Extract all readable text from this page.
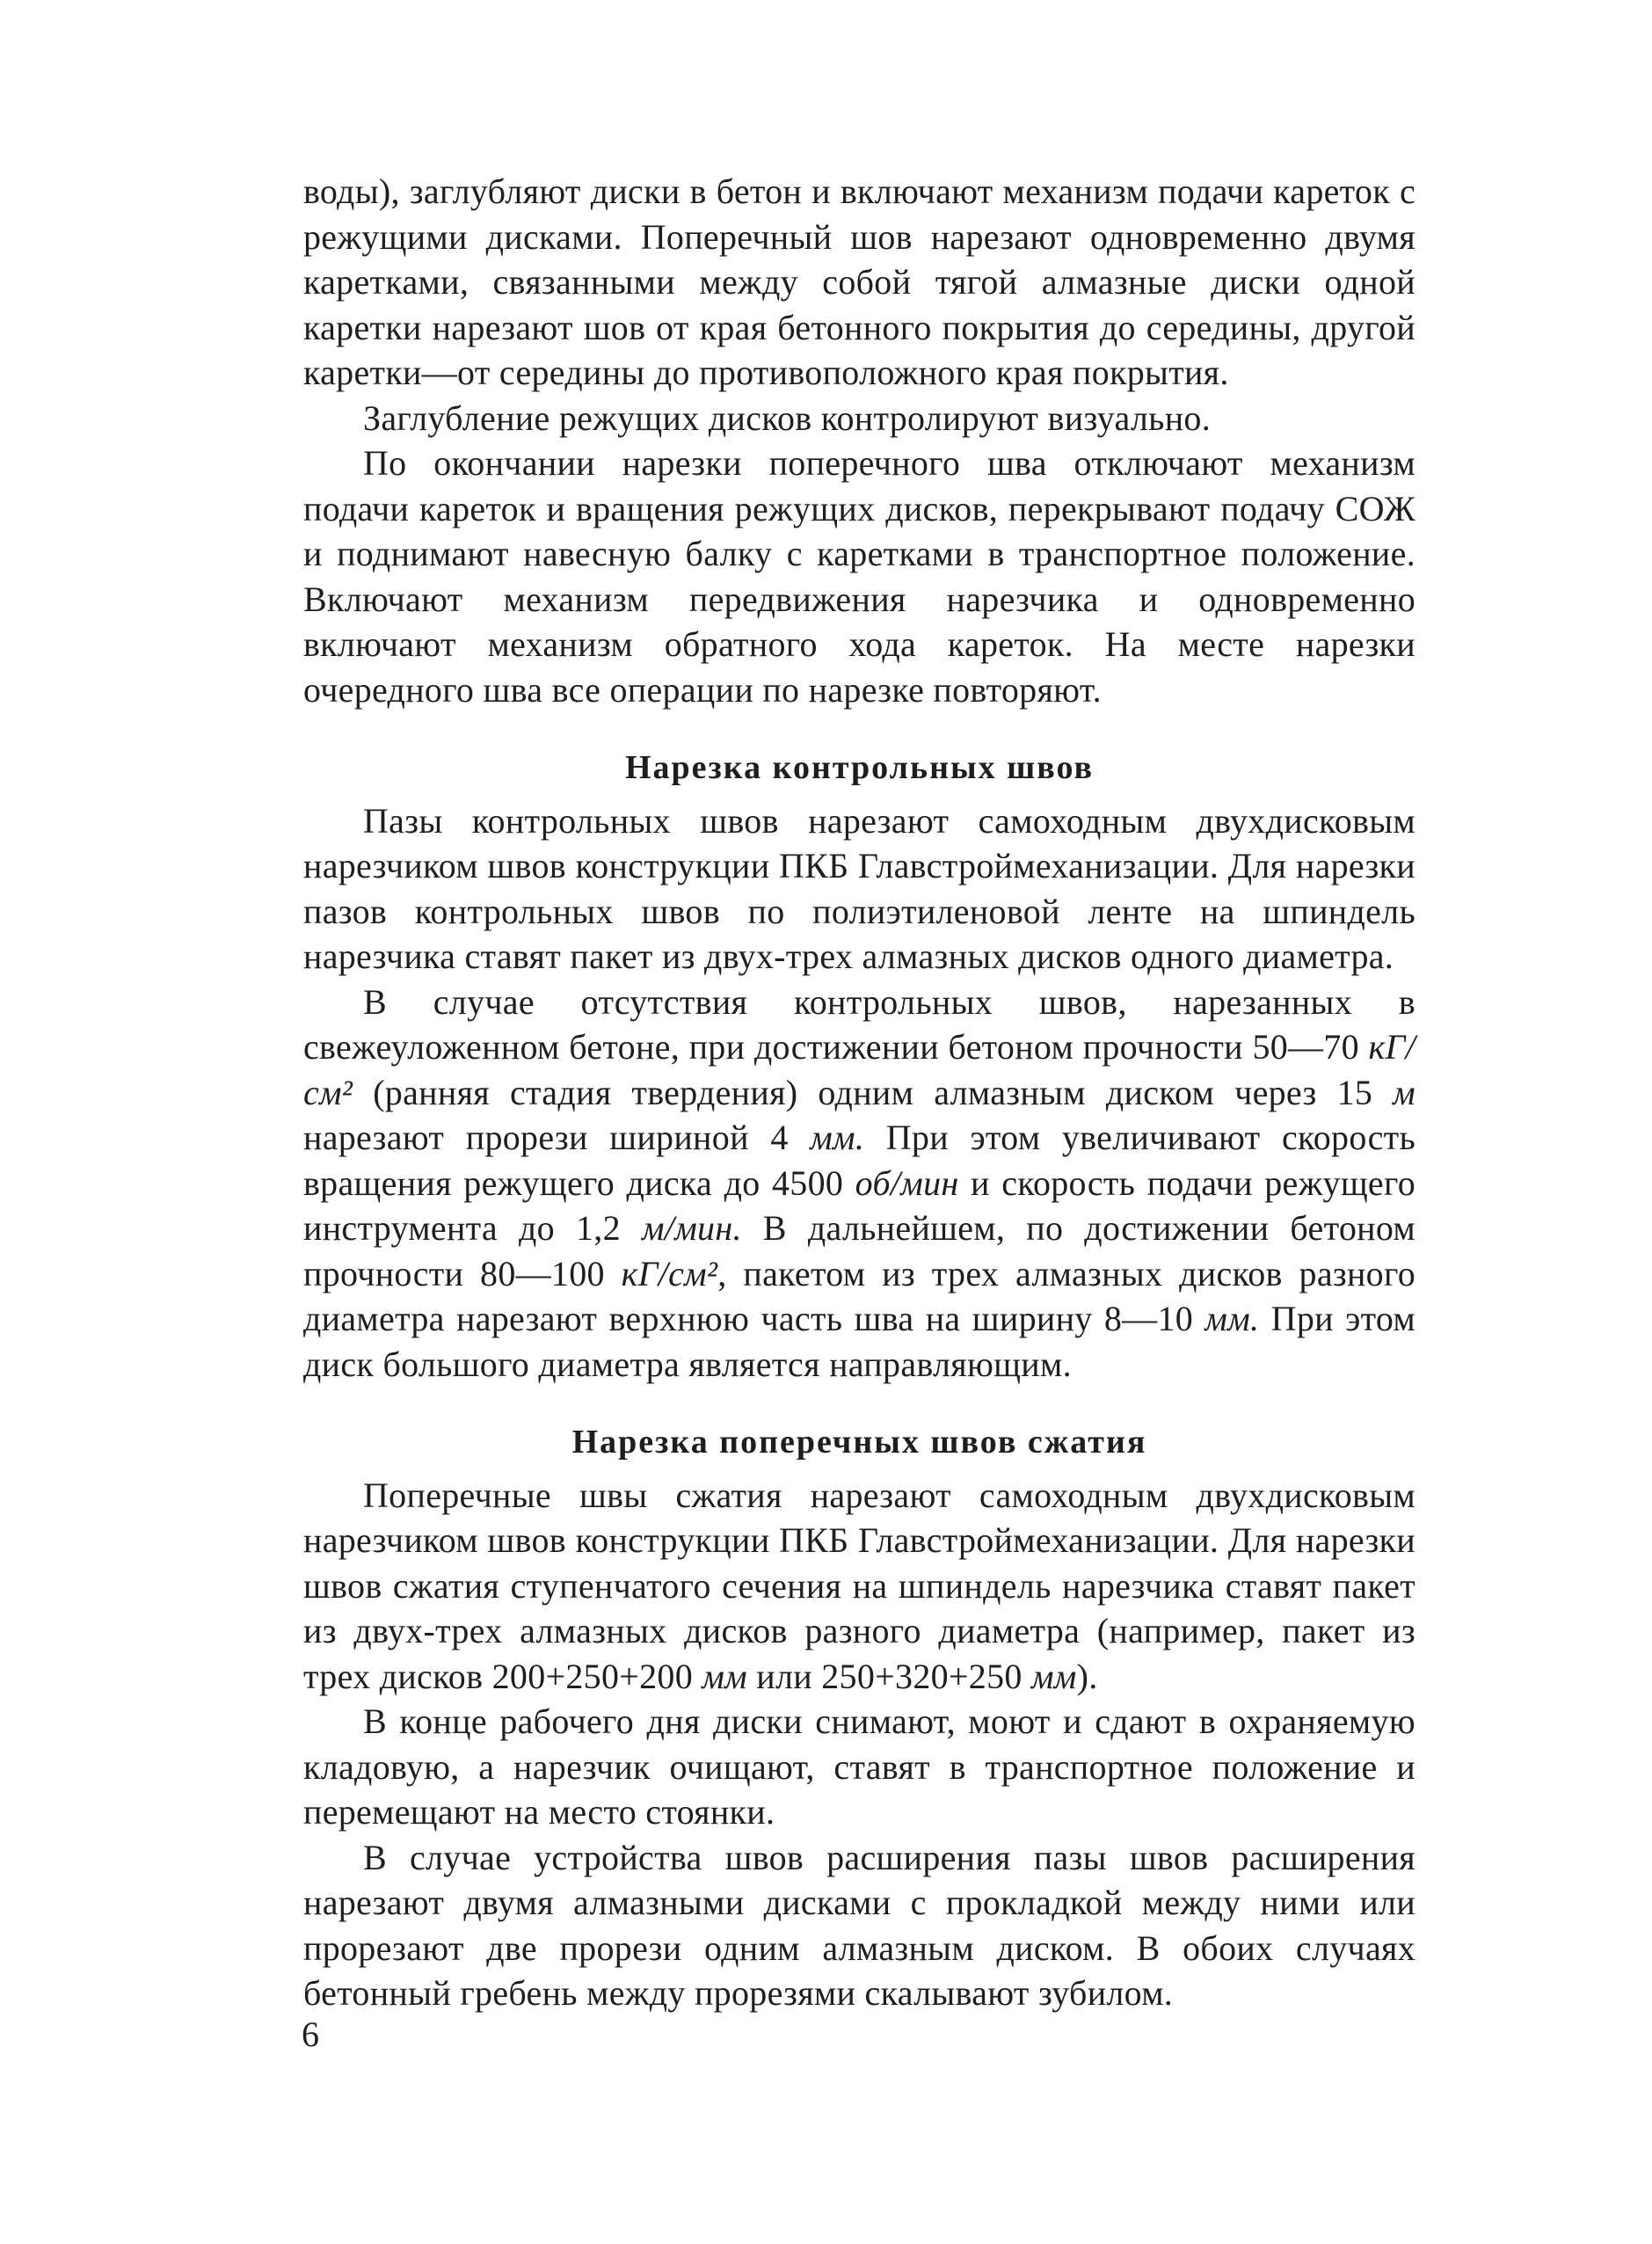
воды), заглубляют диски в бетон и включают механизм подачи кареток с режущими дисками. Поперечный шов нарезают одновременно двумя каретками, связанными между собой тягой алмазные диски одной каретки нарезают шов от края бетонного покрытия до середины, другой каретки—от середины до противоположного края покрытия.

Заглубление режущих дисков контролируют визуально.

По окончании нарезки поперечного шва отключают механизм подачи кареток и вращения режущих дисков, перекрывают подачу СОЖ и поднимают навесную балку с каретками в транспортное положение. Включают механизм передвижения нарезчика и одновременно включают механизм обратного хода кареток. На месте нарезки очередного шва все операции по нарезке повторяют.

Нарезка контрольных швов

Пазы контрольных швов нарезают самоходным двухдисковым нарезчиком швов конструкции ПКБ Главстроймеханизации. Для нарезки пазов контрольных швов по полиэтиленовой ленте на шпиндель нарезчика ставят пакет из двух-трех алмазных дисков одного диаметра.

В случае отсутствия контрольных швов, нарезанных в свежеуложенном бетоне, при достижении бетоном прочности 50—70 кГ/см² (ранняя стадия твердения) одним алмазным диском через 15 м нарезают прорези шириной 4 мм. При этом увеличивают скорость вращения режущего диска до 4500 об/мин и скорость подачи режущего инструмента до 1,2 м/мин. В дальнейшем, по достижении бетоном прочности 80—100 кГ/см², пакетом из трех алмазных дисков разного диаметра нарезают верхнюю часть шва на ширину 8—10 мм. При этом диск большого диаметра является направляющим.

Нарезка поперечных швов сжатия

Поперечные швы сжатия нарезают самоходным двухдисковым нарезчиком швов конструкции ПКБ Главстроймеханизации. Для нарезки швов сжатия ступенчатого сечения на шпиндель нарезчика ставят пакет из двух-трех алмазных дисков разного диаметра (например, пакет из трех дисков 200+250+200 мм или 250+320+250 мм).

В конце рабочего дня диски снимают, моют и сдают в охраняемую кладовую, а нарезчик очищают, ставят в транспортное положение и перемещают на место стоянки.

В случае устройства швов расширения пазы швов расширения нарезают двумя алмазными дисками с прокладкой между ними или прорезают две прорези одним алмазным диском. В обоих случаях бетонный гребень между прорезями скалывают зубилом.

6
